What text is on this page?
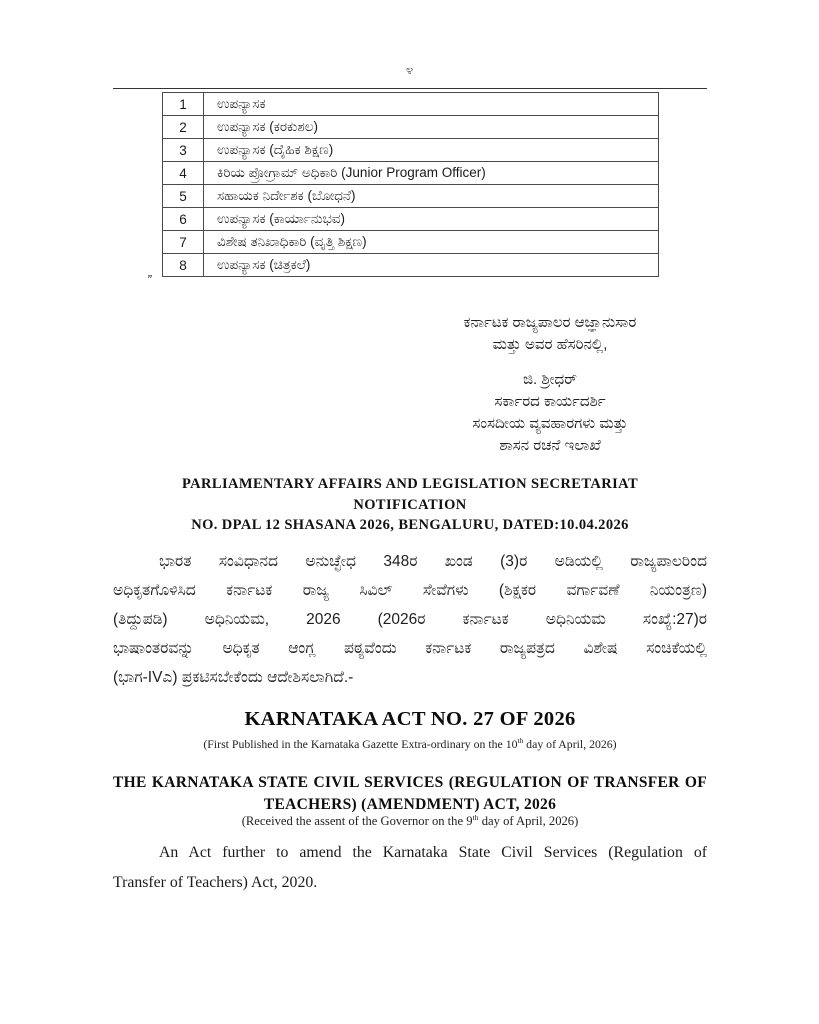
೪
1	ಉಪನ್ಯಾಸಕ
2	ಉಪನ್ಯಾಸಕ (ಕರಕುಶಲ)
3	ಉಪನ್ಯಾಸಕ (ದೈಹಿಕ ಶಿಕ್ಷಣ)
4	ಕಿರಿಯ ಪ್ರೋಗ್ರಾಮ್ ಅಧಿಕಾರಿ (Junior Program Officer)
5	ಸಹಾಯಕ ನಿರ್ದೇಶಕ (ಬೋಧನೆ)
6	ಉಪನ್ಯಾಸಕ (ಕಾರ್ಯಾನುಭವ)
7	ವಿಶೇಷ ತನಿಖಾಧಿಕಾರಿ (ವೃತ್ತಿ ಶಿಕ್ಷಣ)
8	ಉಪನ್ಯಾಸಕ (ಚಿತ್ರಕಲೆ)
”
ಕರ್ನಾಟಕ ರಾಜ್ಯಪಾಲರ ಆಜ್ಞಾನುಸಾರ
ಮತ್ತು ಅವರ ಹೆಸರಿನಲ್ಲಿ,
ಜಿ. ಶ್ರೀಧರ್
ಸರ್ಕಾರದ ಕಾರ್ಯದರ್ಶಿ
ಸಂಸದೀಯ ವ್ಯವಹಾರಗಳು ಮತ್ತು
ಶಾಸನ ರಚನೆ ಇಲಾಖೆ
PARLIAMENTARY AFFAIRS AND LEGISLATION SECRETARIAT
NOTIFICATION
NO. DPAL 12 SHASANA 2026, BENGALURU, DATED:10.04.2026
ಭಾರತ ಸಂವಿಧಾನದ ಅನುಚ್ಛೇಧ 348ರ ಖಂಡ (3)ರ ಅಡಿಯಲ್ಲಿ ರಾಜ್ಯಪಾಲರಿಂದ
ಅಧಿಕೃತಗೊಳಿಸಿದ ಕರ್ನಾಟಕ ರಾಜ್ಯ ಸಿವಿಲ್ ಸೇವೆಗಳು (ಶಿಕ್ಷಕರ ವರ್ಗಾವಣೆ ನಿಯಂತ್ರಣ)
(ತಿದ್ದುಪಡಿ) ಅಧಿನಿಯಮ, 2026 (2026ರ ಕರ್ನಾಟಕ ಅಧಿನಿಯಮ ಸಂಖ್ಯೆ:27)ರ
ಭಾಷಾಂತರವನ್ನು ಅಧಿಕೃತ ಆಂಗ್ಲ ಪಠ್ಯವೆಂದು ಕರ್ನಾಟಕ ರಾಜ್ಯಪತ್ರದ ವಿಶೇಷ ಸಂಚಿಕೆಯಲ್ಲಿ
(ಭಾಗ-IVಎ) ಪ್ರಕಟಿಸಬೇಕೆಂದು ಆದೇಶಿಸಲಾಗಿದೆ.-
KARNATAKA ACT NO. 27 OF 2026
(First Published in the Karnataka Gazette Extra-ordinary on the 10th day of April, 2026)
THE KARNATAKA STATE CIVIL SERVICES (REGULATION OF TRANSFER OF
TEACHERS) (AMENDMENT) ACT, 2026
(Received the assent of the Governor on the 9th day of April, 2026)
An Act further to amend the Karnataka State Civil Services (Regulation of
Transfer of Teachers) Act, 2020.
